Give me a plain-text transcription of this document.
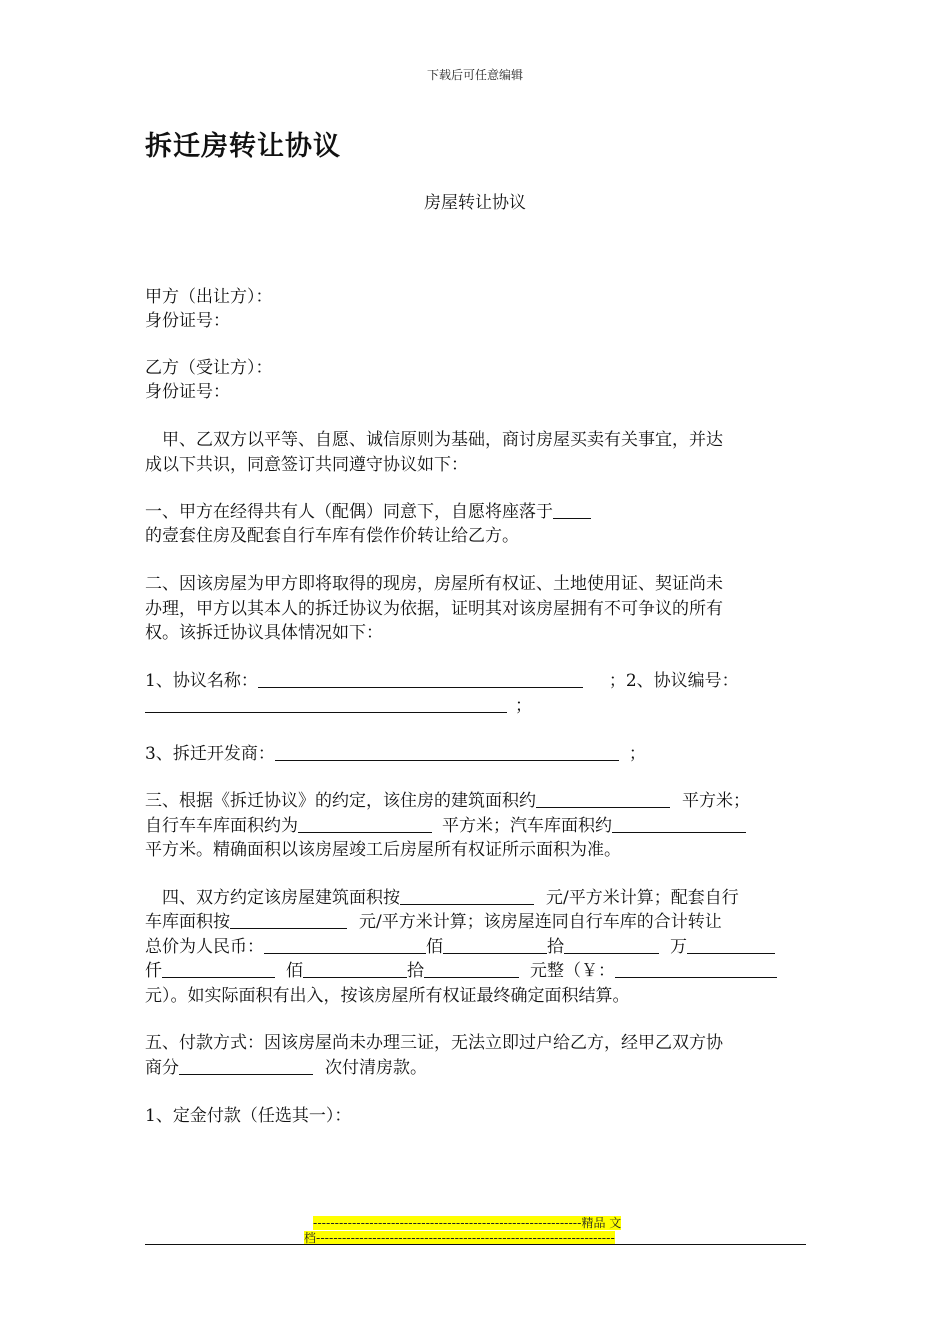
下载后可任意编辑
拆迁房转让协议
房屋转让协议
甲方（出让方）：
身份证号：
乙方（受让方）：
身份证号：
　甲、乙双方以平等、自愿、诚信原则为基础，商讨房屋买卖有关事宜，并达
成以下共识，同意签订共同遵守协议如下：
一、甲方在经得共有人（配偶）同意下，自愿将座落于
的壹套住房及配套自行车库有偿作价转让给乙方。
二、因该房屋为甲方即将取得的现房，房屋所有权证、土地使用证、契证尚未
办理，甲方以其本人的拆迁协议为依据，证明其对该房屋拥有不可争议的所有
权。该拆迁协议具体情况如下：
1、协议名称：	；2、协议编号：
；
3、拆迁开发商：	；
三、根据《拆迁协议》的约定，该住房的建筑面积约	平方米；
自行车车库面积约为	平方米；汽车库面积约
平方米。精确面积以该房屋竣工后房屋所有权证所示面积为准。
　四、双方约定该房屋建筑面积按	元/平方米计算；配套自行
车库面积按	元/平方米计算；该房屋连同自行车库的合计转让
总价为人民币：	佰	拾	万
仟	佰	拾	元整（￥：
元）。如实际面积有出入，按该房屋所有权证最终确定面积结算。
五、付款方式：因该房屋尚未办理三证，无法立即过户给乙方，经甲乙双方协
商分	次付清房款。
1、定金付款（任选其一）：
--------------------------------------------------------------精品 文
档---------------------------------------------------------------------
